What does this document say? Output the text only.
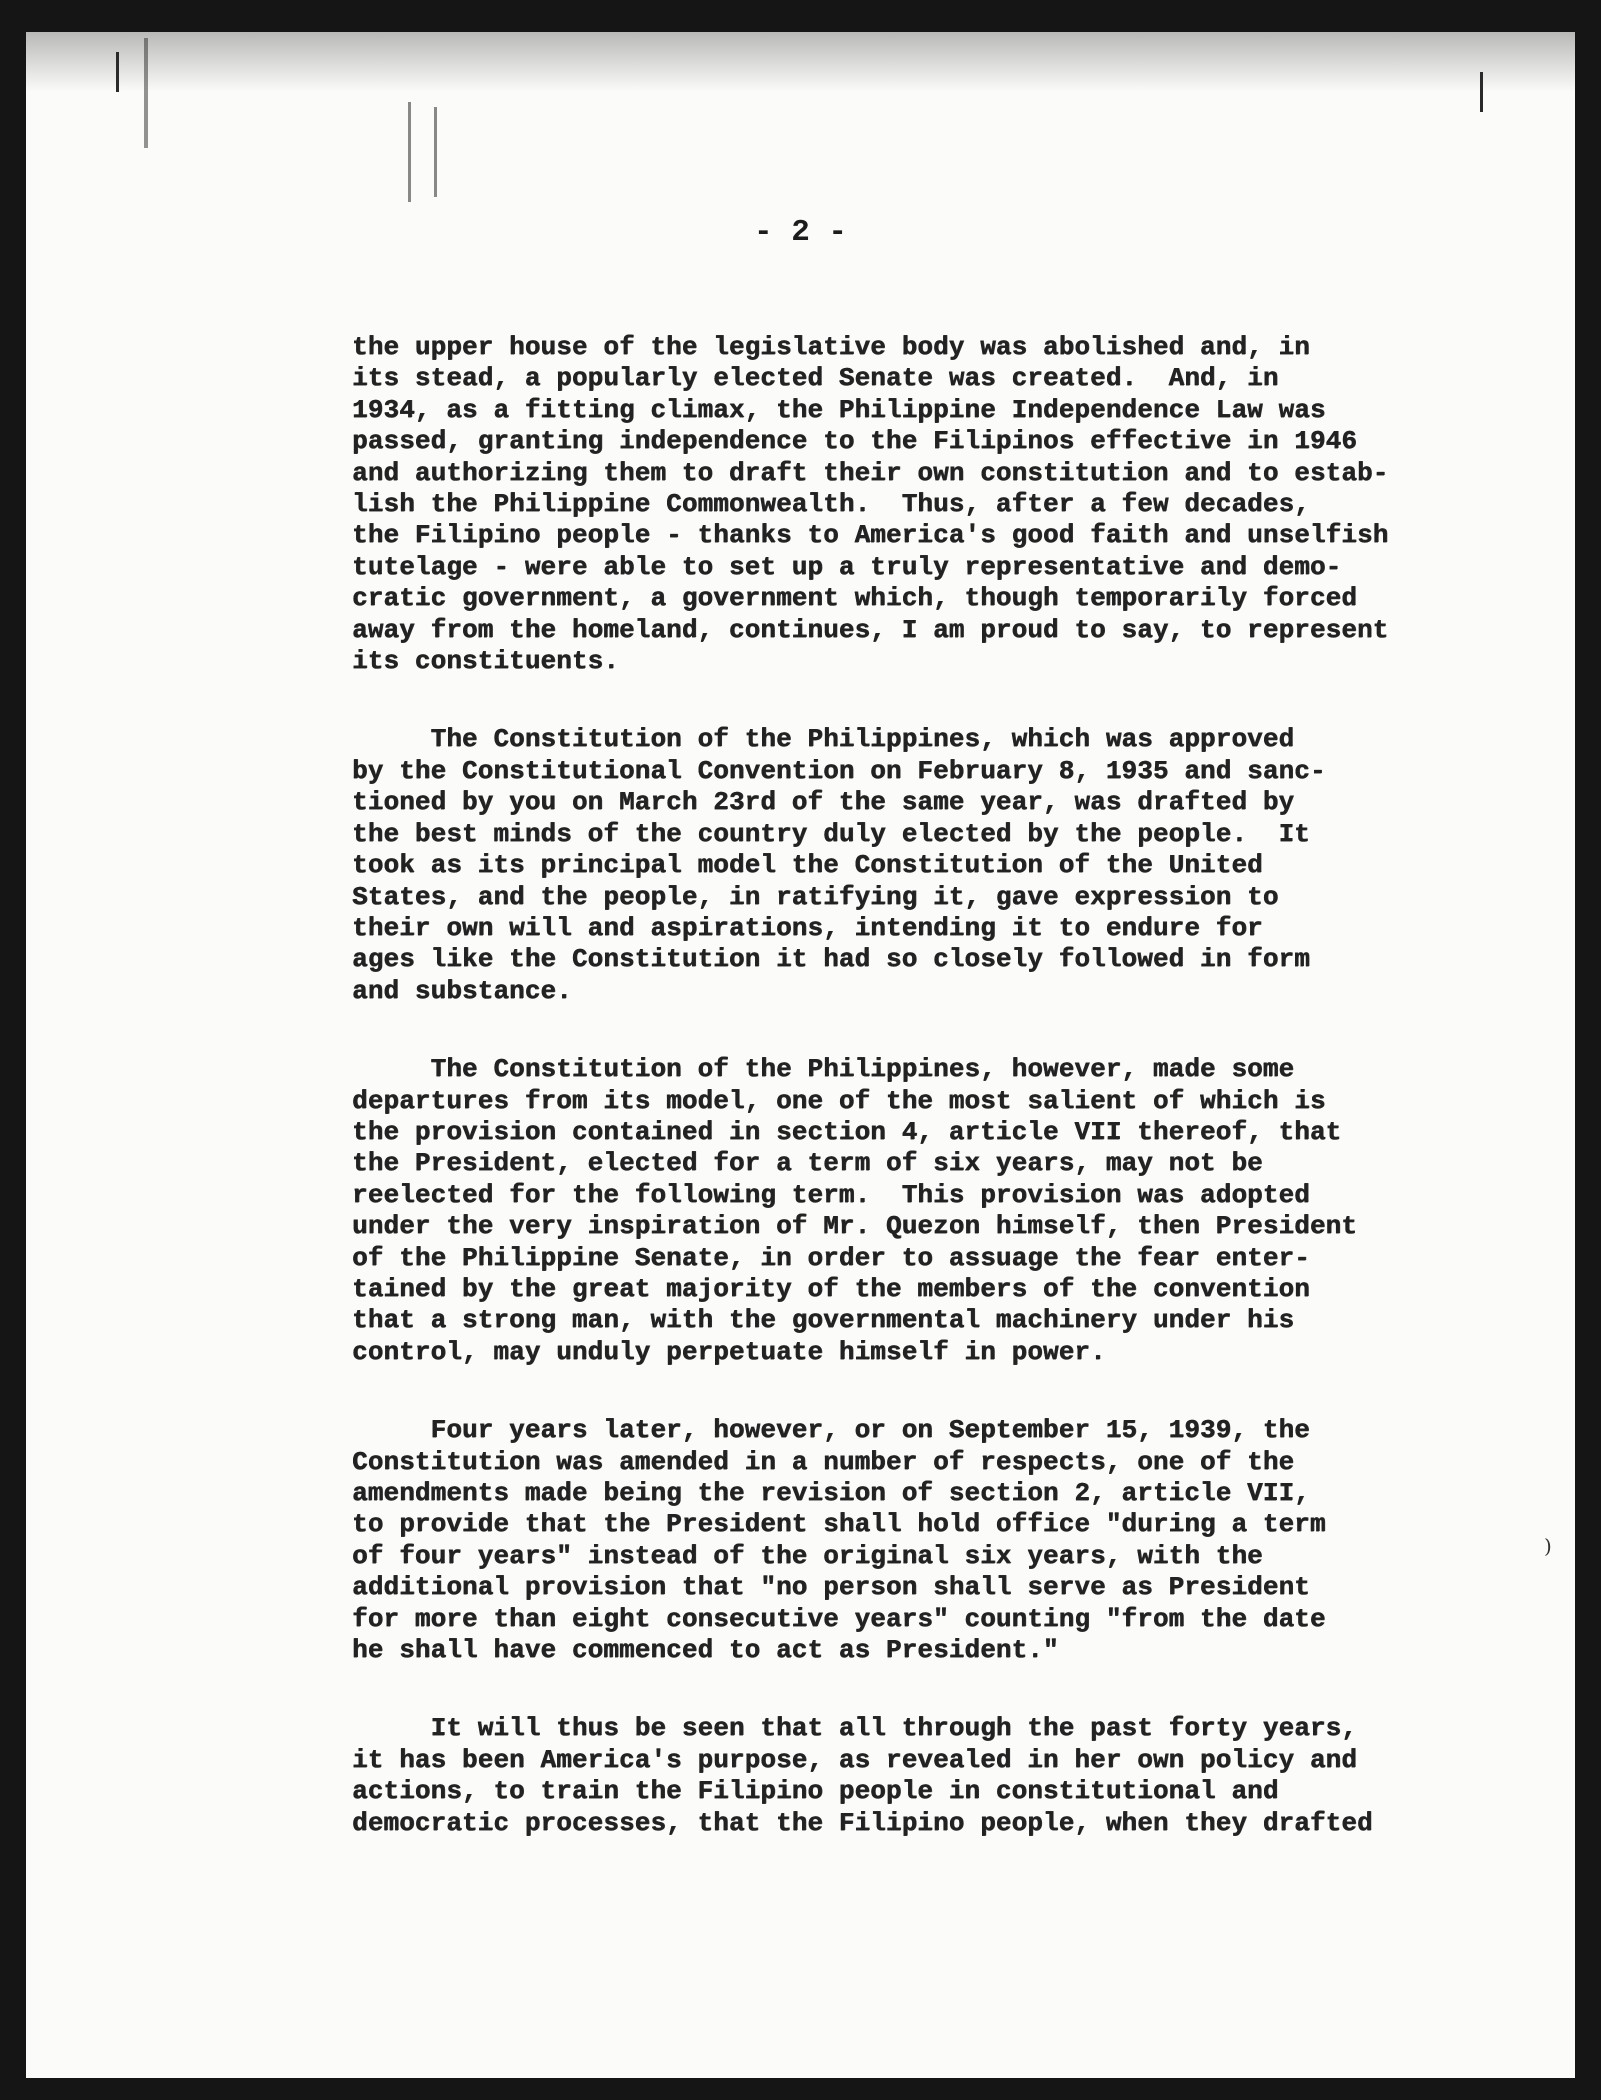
)
- 2 -
the upper house of the legislative body was abolished and, in
its stead, a popularly elected Senate was created.  And, in
1934, as a fitting climax, the Philippine Independence Law was
passed, granting independence to the Filipinos effective in 1946
and authorizing them to draft their own constitution and to estab-
lish the Philippine Commonwealth.  Thus, after a few decades,
the Filipino people - thanks to America's good faith and unselfish
tutelage - were able to set up a truly representative and demo-
cratic government, a government which, though temporarily forced
away from the homeland, continues, I am proud to say, to represent
its constituents.
The Constitution of the Philippines, which was approved
by the Constitutional Convention on February 8, 1935 and sanc-
tioned by you on March 23rd of the same year, was drafted by
the best minds of the country duly elected by the people.  It
took as its principal model the Constitution of the United
States, and the people, in ratifying it, gave expression to
their own will and aspirations, intending it to endure for
ages like the Constitution it had so closely followed in form
and substance.
The Constitution of the Philippines, however, made some
departures from its model, one of the most salient of which is
the provision contained in section 4, article VII thereof, that
the President, elected for a term of six years, may not be
reelected for the following term.  This provision was adopted
under the very inspiration of Mr. Quezon himself, then President
of the Philippine Senate, in order to assuage the fear enter-
tained by the great majority of the members of the convention
that a strong man, with the governmental machinery under his
control, may unduly perpetuate himself in power.
Four years later, however, or on September 15, 1939, the
Constitution was amended in a number of respects, one of the
amendments made being the revision of section 2, article VII,
to provide that the President shall hold office "during a term
of four years" instead of the original six years, with the
additional provision that "no person shall serve as President
for more than eight consecutive years" counting "from the date
he shall have commenced to act as President."
It will thus be seen that all through the past forty years,
it has been America's purpose, as revealed in her own policy and
actions, to train the Filipino people in constitutional and
democratic processes, that the Filipino people, when they drafted
